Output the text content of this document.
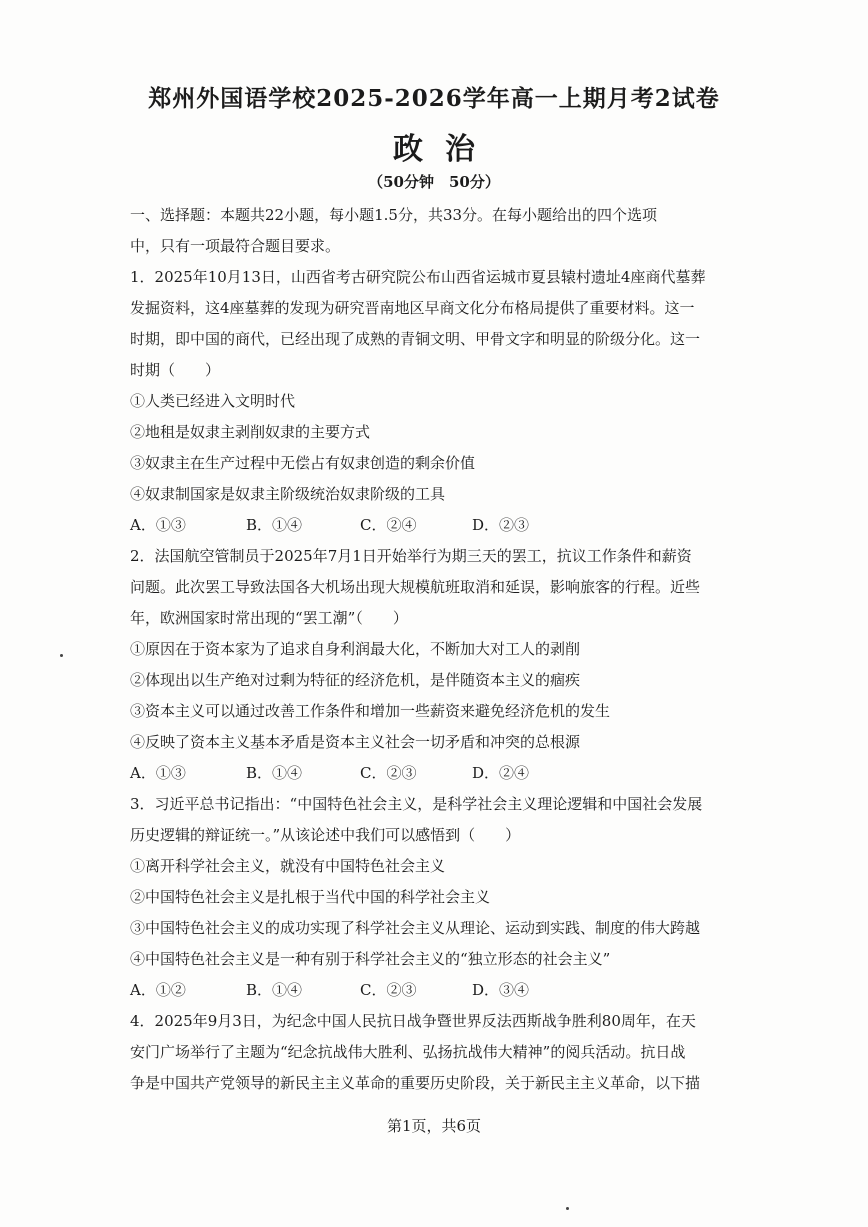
郑州外国语学校2025-2026学年高一上期月考2试卷
政治
（50分钟　50分）
一、选择题：本题共22小题，每小题1.5分，共33分。在每小题给出的四个选项
中，只有一项最符合题目要求。
1．2025年10月13日，山西省考古研究院公布山西省运城市夏县辕村遗址4座商代墓葬
发掘资料，这4座墓葬的发现为研究晋南地区早商文化分布格局提供了重要材料。这一
时期，即中国的商代，已经出现了成熟的青铜文明、甲骨文字和明显的阶级分化。这一
时期（　　）
①人类已经进入文明时代
②地租是奴隶主剥削奴隶的主要方式
③奴隶主在生产过程中无偿占有奴隶创造的剩余价值
④奴隶制国家是奴隶主阶级统治奴隶阶级的工具
A．①③	B．①④	C．②④	D．②③
2．法国航空管制员于2025年7月1日开始举行为期三天的罢工，抗议工作条件和薪资
问题。此次罢工导致法国各大机场出现大规模航班取消和延误，影响旅客的行程。近些
年，欧洲国家时常出现的“罢工潮”（　　）
①原因在于资本家为了追求自身利润最大化，不断加大对工人的剥削
②体现出以生产绝对过剩为特征的经济危机，是伴随资本主义的痼疾
③资本主义可以通过改善工作条件和增加一些薪资来避免经济危机的发生
④反映了资本主义基本矛盾是资本主义社会一切矛盾和冲突的总根源
A．①③	B．①④	C．②③	D．②④
3．习近平总书记指出：“中国特色社会主义，是科学社会主义理论逻辑和中国社会发展
历史逻辑的辩证统一。”从该论述中我们可以感悟到（　　）
①离开科学社会主义，就没有中国特色社会主义
②中国特色社会主义是扎根于当代中国的科学社会主义
③中国特色社会主义的成功实现了科学社会主义从理论、运动到实践、制度的伟大跨越
④中国特色社会主义是一种有别于科学社会主义的“独立形态的社会主义”
A．①②	B．①④	C．②③	D．③④
4．2025年9月3日，为纪念中国人民抗日战争暨世界反法西斯战争胜利80周年，在天
安门广场举行了主题为“纪念抗战伟大胜利、弘扬抗战伟大精神”的阅兵活动。抗日战
争是中国共产党领导的新民主主义革命的重要历史阶段，关于新民主主义革命，以下描
第1页，共6页
